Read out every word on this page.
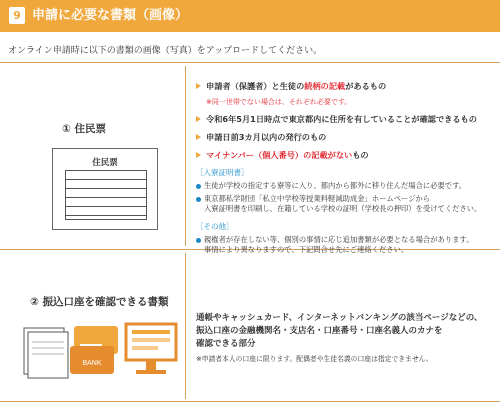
9 申請に必要な書類（画像）
オンライン申請時に以下の書類の画像（写真）をアップロードしてください。
① 住民票
住民票
申請者（保護者）と生徒の続柄の記載があるもの
※同一世帯でない場合は、それぞれ必要です。
令和6年5月1日時点で東京都内に住所を有していることが確認できるもの
申請日前3カ月以内の発行のもの
マイナンバー（個人番号）の記載がないもの
［入寮証明書］
生徒が学校の指定する寮等に入り、都内から都外に移り住んだ場合に必要です。
東京都私学財団「私立中学校等授業料軽減助成金」ホームページから
入寮証明書を印刷し、在籍している学校の証明（学校長の押印）を受けてください。
［その他］
親権者が存在しない等、個別の事情に応じ追加書類が必要となる場合があります。
事情により異なりますので、下記問合せ先にご連絡ください。
② 振込口座を確認できる書類
BANK
通帳やキャッシュカード、インターネットバンキングの該当ページなどの、
振込口座の金融機関名・支店名・口座番号・口座名義人のカナを
確認できる部分
※申請者本人の口座に限ります。配偶者や生徒名義の口座は指定できません。
